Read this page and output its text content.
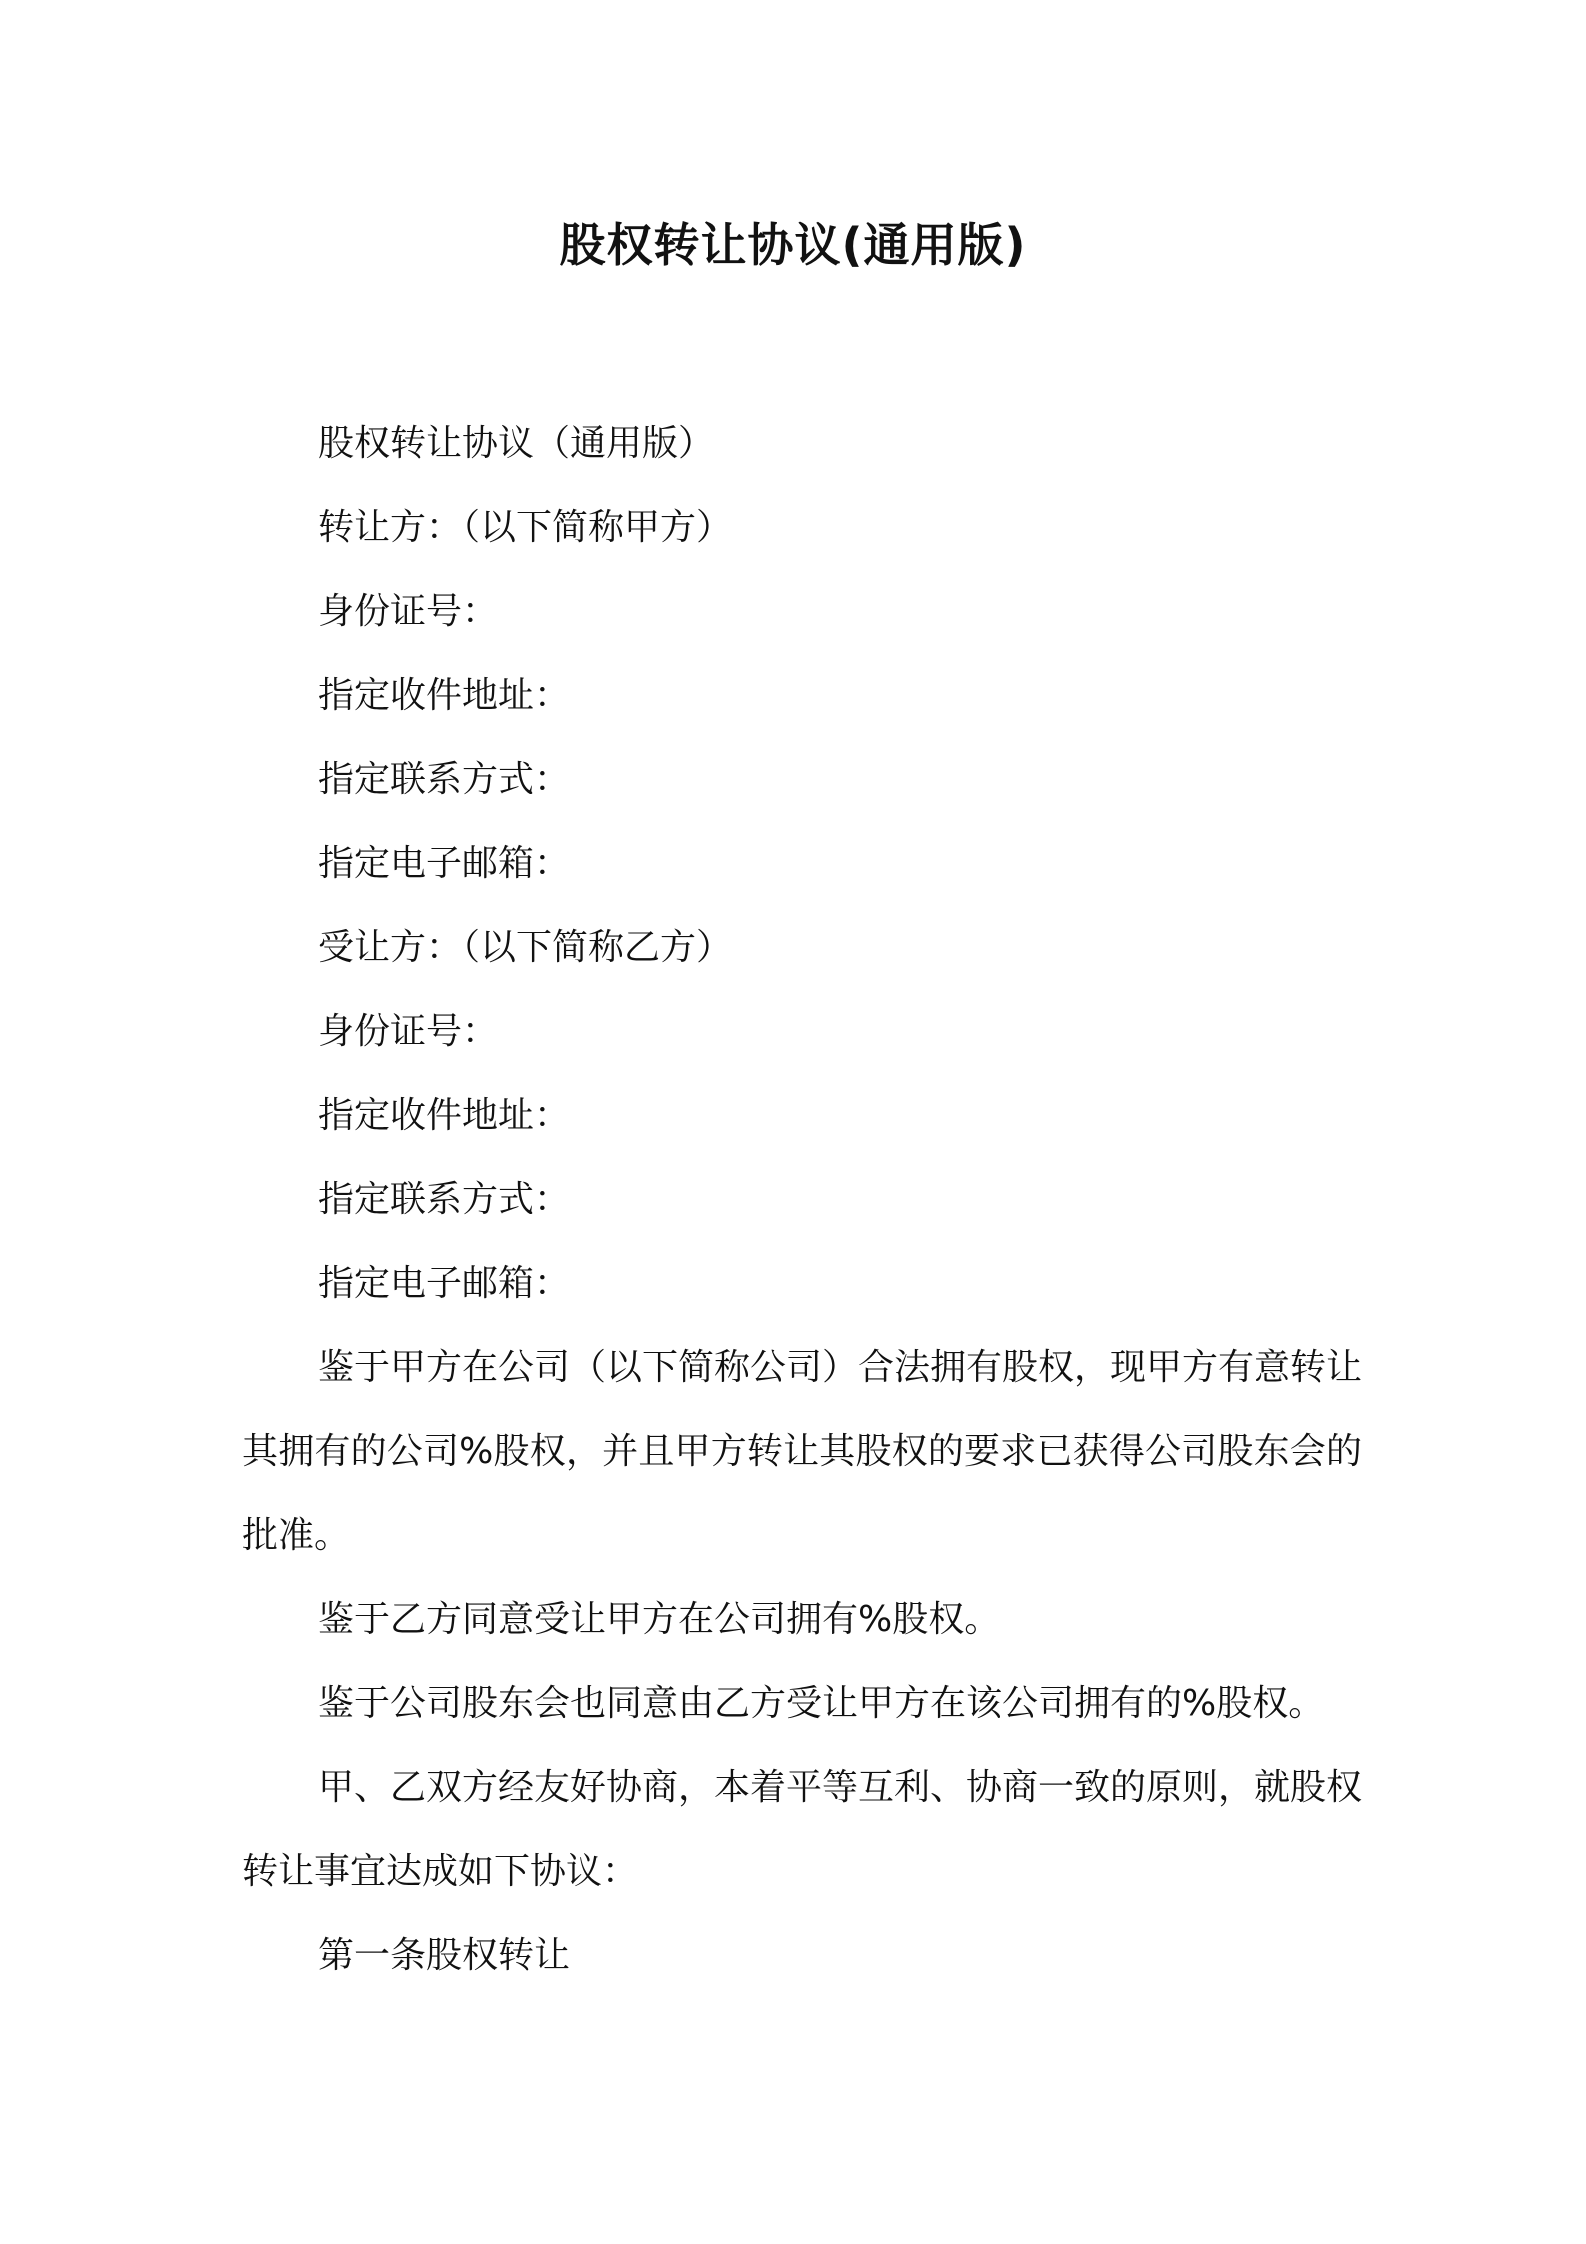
股权转让协议(通用版)

股权转让协议（通用版）

转让方：（以下简称甲方）

身份证号：

指定收件地址：

指定联系方式：

指定电子邮箱：

受让方：（以下简称乙方）

身份证号：

指定收件地址：

指定联系方式：

指定电子邮箱：

鉴于甲方在公司（以下简称公司）合法拥有股权，现甲方有意转让其拥有的公司%股权，并且甲方转让其股权的要求已获得公司股东会的批准。

鉴于乙方同意受让甲方在公司拥有%股权。

鉴于公司股东会也同意由乙方受让甲方在该公司拥有的%股权。

甲、乙双方经友好协商，本着平等互利、协商一致的原则，就股权转让事宜达成如下协议：

第一条股权转让
